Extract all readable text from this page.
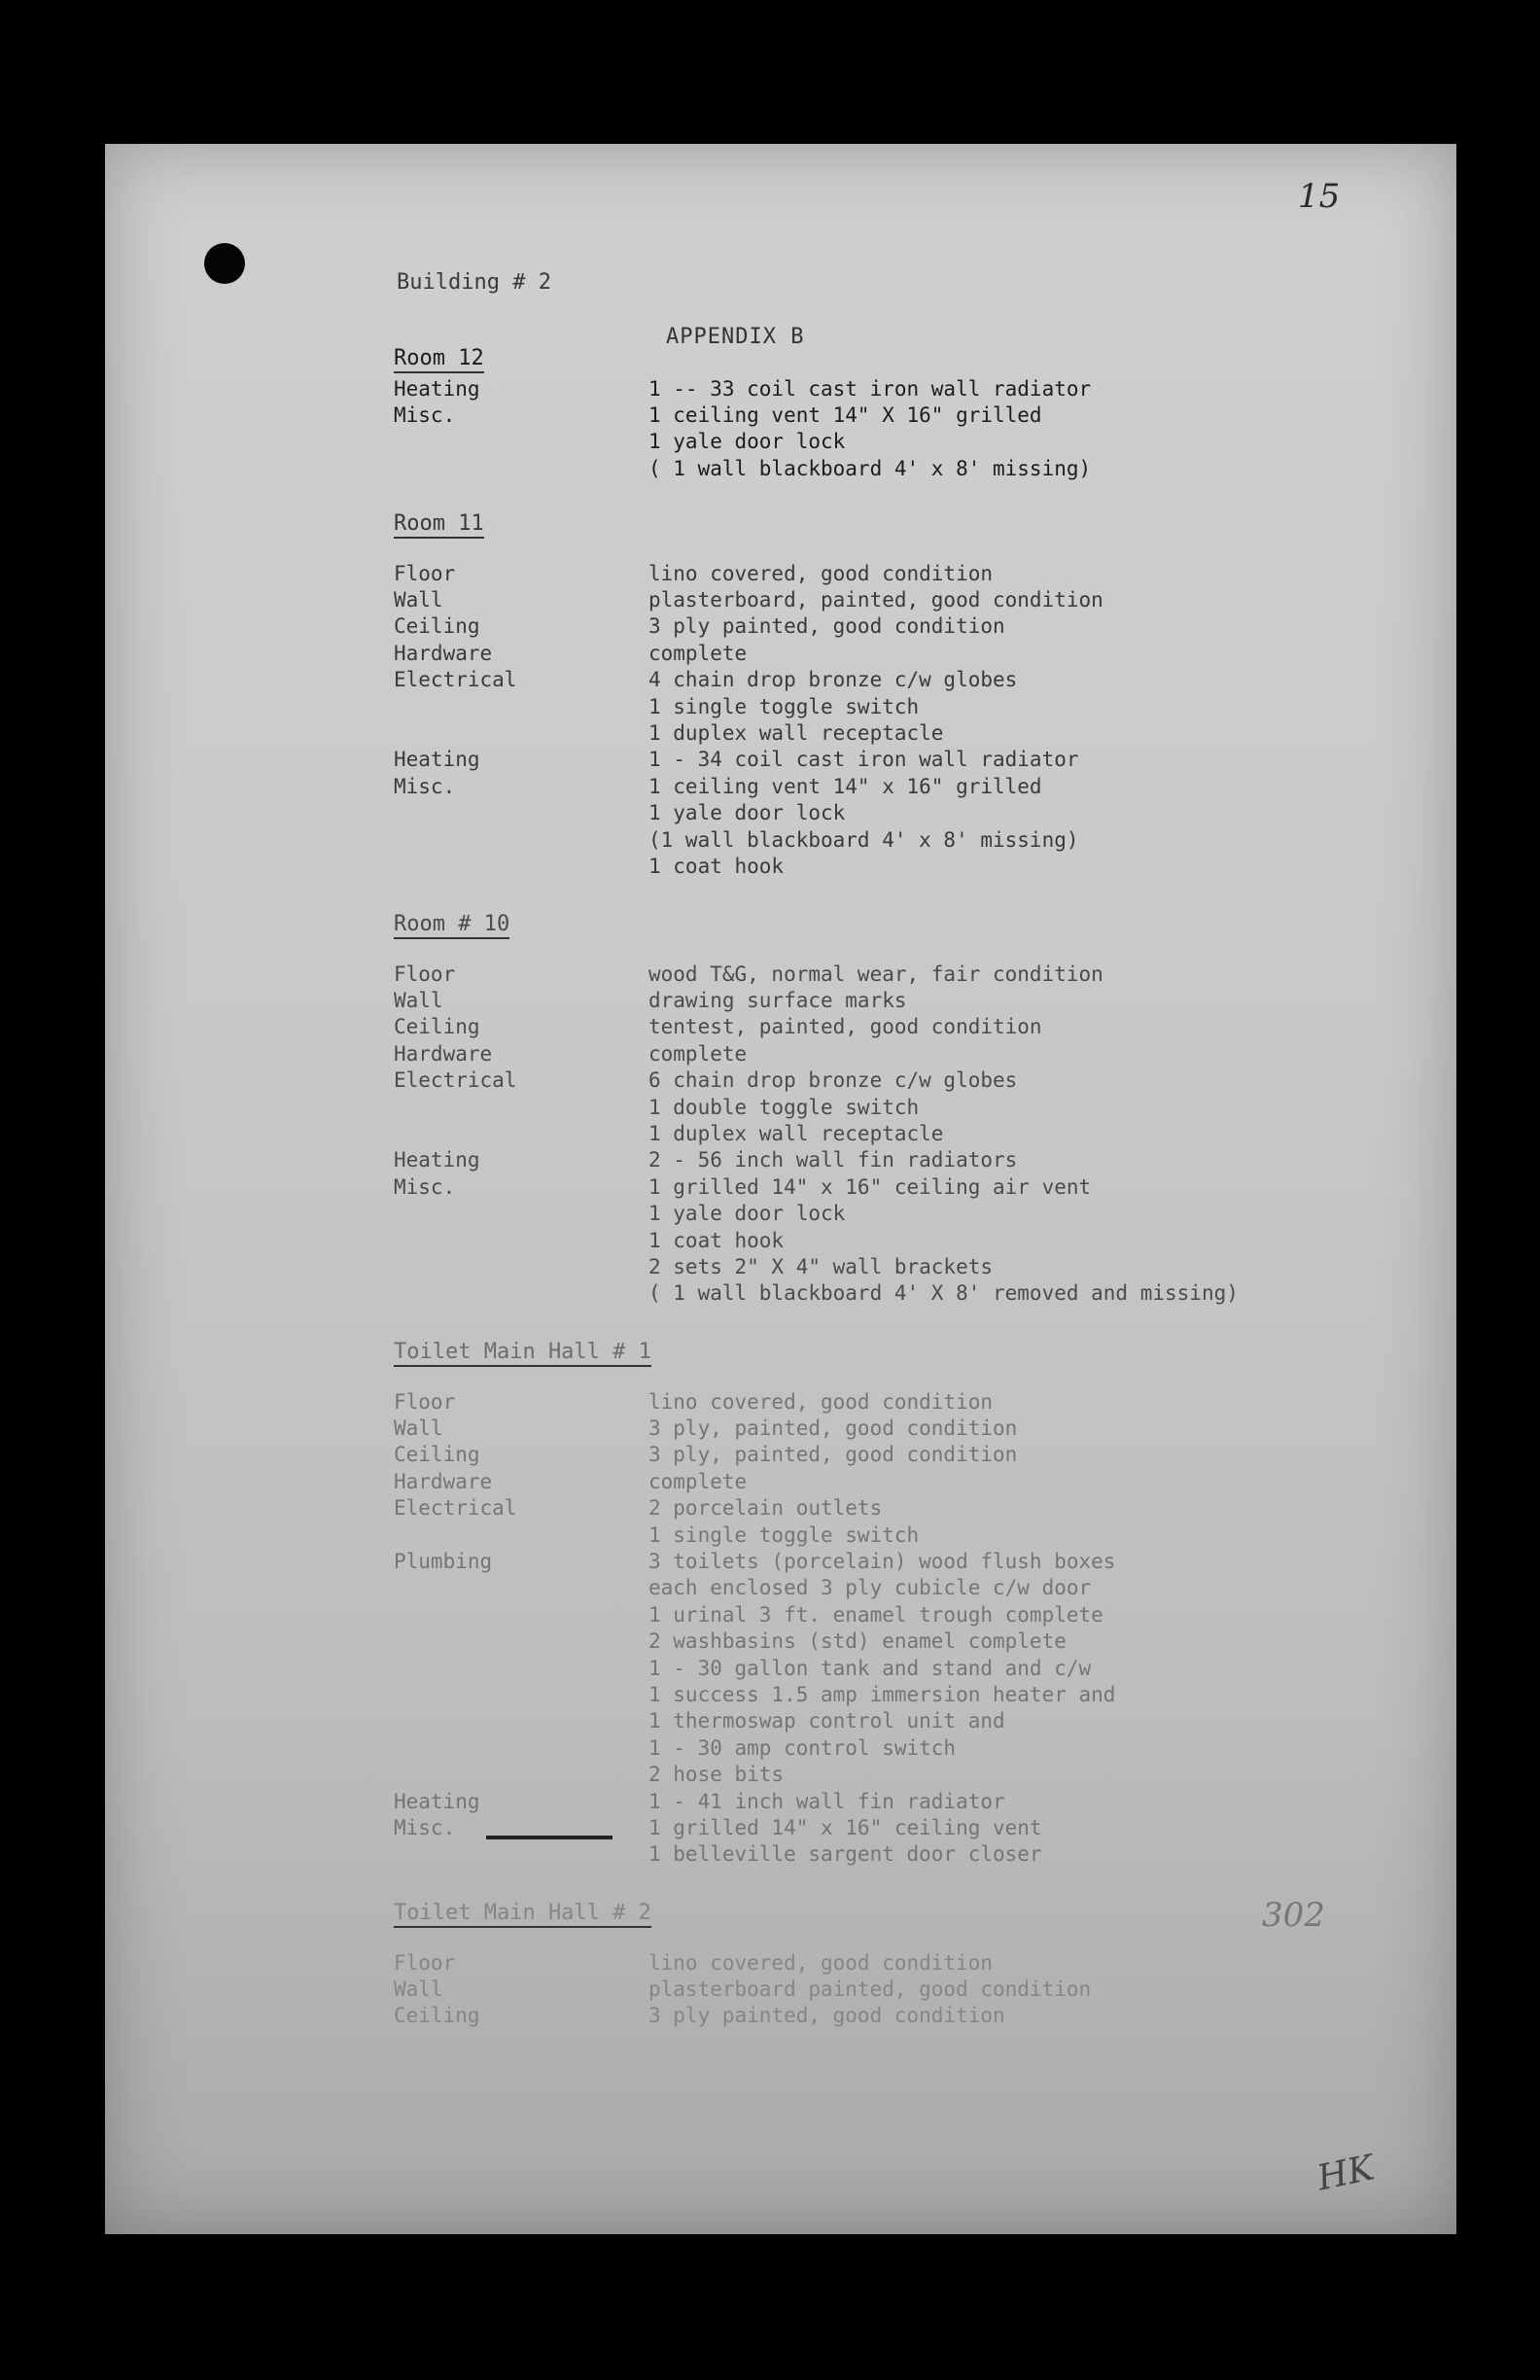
15
Building # 2
APPENDIX B
Room 12
Heating	1 -- 33 coil cast iron wall radiator
Misc.	1 ceiling vent 14" X 16" grilled
1 yale door lock
( 1 wall blackboard 4' x 8' missing)
Room 11
Floor	lino covered, good condition
Wall	plasterboard, painted, good condition
Ceiling	3 ply painted, good condition
Hardware	complete
Electrical	4 chain drop bronze c/w globes
1 single toggle switch
1 duplex wall receptacle
Heating	1 - 34 coil cast iron wall radiator
Misc.	1 ceiling vent 14" x 16" grilled
1 yale door lock
(1 wall blackboard 4' x 8' missing)
1 coat hook
Room # 10
Floor	wood T&G, normal wear, fair condition
Wall	drawing surface marks
Ceiling	tentest, painted, good condition
Hardware	complete
Electrical	6 chain drop bronze c/w globes
1 double toggle switch
1 duplex wall receptacle
Heating	2 - 56 inch wall fin radiators
Misc.	1 grilled 14" x 16" ceiling air vent
1 yale door lock
1 coat hook
2 sets 2" X 4" wall brackets
( 1 wall blackboard 4' X 8' removed and missing)
Toilet Main Hall # 1
Floor	lino covered, good condition
Wall	3 ply, painted, good condition
Ceiling	3 ply, painted, good condition
Hardware	complete
Electrical	2 porcelain outlets
1 single toggle switch
Plumbing	3 toilets (porcelain) wood flush boxes
each enclosed 3 ply cubicle c/w door
1 urinal 3 ft. enamel trough complete
2 washbasins (std) enamel complete
1 - 30 gallon tank and stand and c/w
1 success 1.5 amp immersion heater and
1 thermoswap control unit and
1 - 30 amp control switch
2 hose bits
Heating	1 - 41 inch wall fin radiator
Misc.	1 grilled 14" x 16" ceiling vent
1 belleville sargent door closer
Toilet Main Hall # 2
Floor	lino covered, good condition
Wall	plasterboard painted, good condition
Ceiling	3 ply painted, good condition
302
HK
